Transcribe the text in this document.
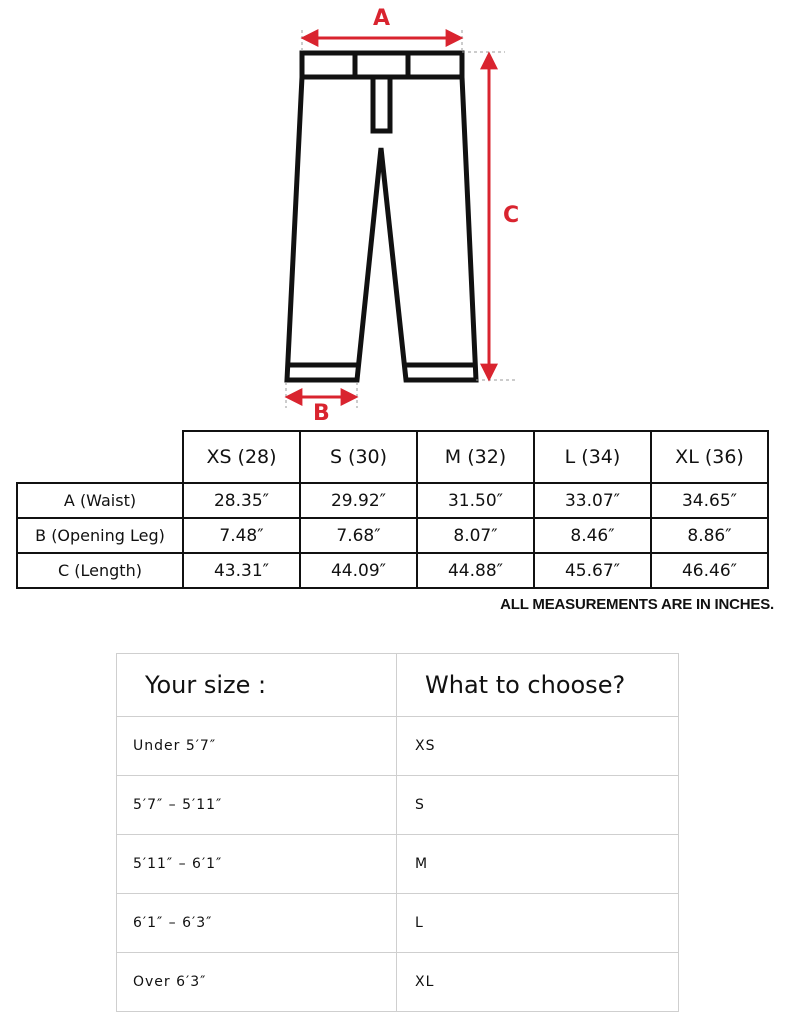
A
C
B
	XS (28)	S (30)	M (32)	L (34)	XL (36)
A (Waist)	28.35″	29.92″	31.50″	33.07″	34.65″
B (Opening Leg)	7.48″	7.68″	8.07″	8.46″	8.86″
C (Length)	43.31″	44.09″	44.88″	45.67″	46.46″
ALL MEASUREMENTS ARE IN INCHES.
Your size :	What to choose?
Under 5′7″	XS
5′7″ – 5′11″	S
5′11″ – 6′1″	M
6′1″ – 6′3″	L
Over 6′3″	XL
